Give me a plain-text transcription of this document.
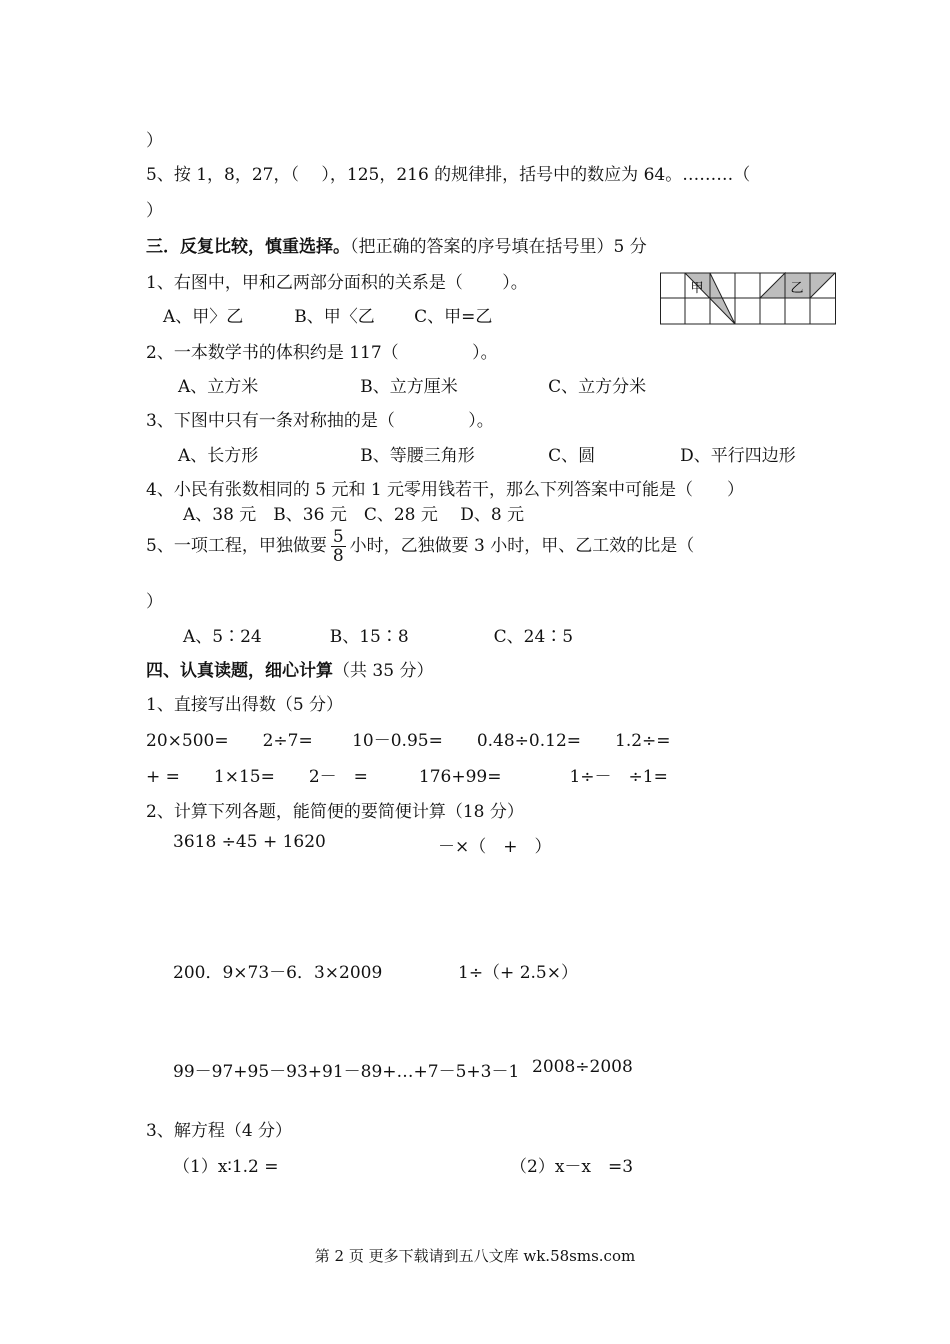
）
5、按 1，8，27，（　 ），125，216 的规律排，括号中的数应为 64。………（
）
三．反复比较，慎重选择。（把正确的答案的序号填在括号里）5 分
1、右图中，甲和乙两部分面积的关系是（　　 ）。
A、甲〉乙　　　B、甲〈乙　　 C、甲=乙
甲	乙
2、一本数学书的体积约是 117（　　　　 ）。
A、立方米　　　　　　B、立方厘米　　　　　 C、立方分米
3、下图中只有一条对称抽的是（　　　　 ）。
A、长方形　　　　　　B、等腰三角形　　　　 C、圆　　　　　D、平行四边形
4、小民有张数相同的 5 元和 1 元零用钱若干，那么下列答案中可能是（　　）
A、38 元　B、36 元　C、28 元　 D、8 元
5、一项工程，甲独做要 $\frac{5}{8}$ 小时，乙独做要 3 小时，甲、乙工效的比是（
）
A、5∶24　　　　B、15∶8　　　　　C、24∶5
四、认真读题，细心计算（共 35 分）
1、直接写出得数（5 分）
20×500=　　2÷7=　　 10－0.95=　　0.48÷0.12=　　1.2÷=
+ =　　1×15=　　2－　=　　　176+99=　　　　1÷－　÷1=
2、计算下列各题，能简便的要简便计算（18 分）
3618 ÷45 + 1620	－×（　+　）
200．9×73－6．3×2009	1÷（+ 2.5×）
99－97+95－93+91－89+…+7－5+3－1 2008÷2008
3、解方程（4 分）
（1）x∶1.2 =	（2）x－x　=3
第 2 页 更多下载请到五八文库 wk.58sms.com
